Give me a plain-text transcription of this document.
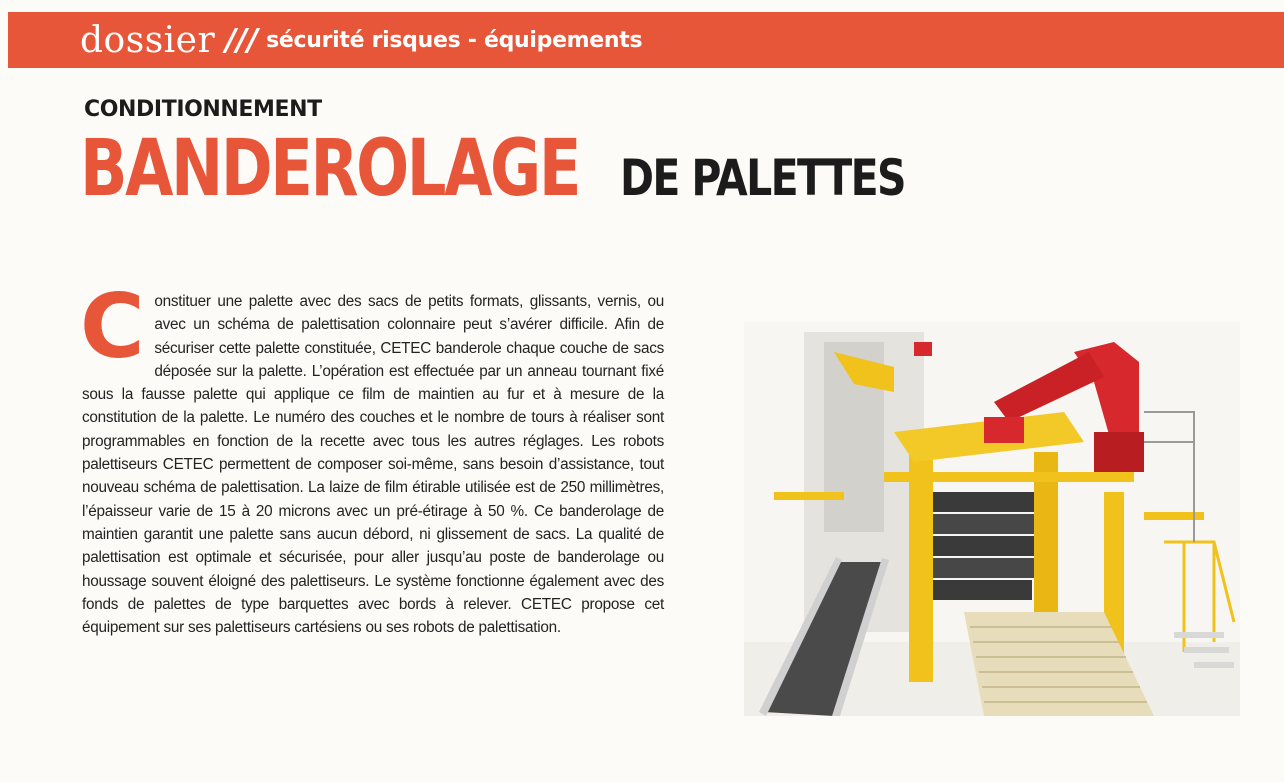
dossier /// sécurité risques - équipements
CONDITIONNEMENT
BANDEROLAGE DE PALETTES
C onstituer une palette avec des sacs de petits formats, glissants, vernis, ou avec un schéma de palettisation colonnaire peut s’avérer difficile. Afin de sécuriser cette palette constituée, CETEC banderole chaque couche de sacs déposée sur la palette. L’opération est effectuée par un anneau tournant fixé sous la fausse palette qui applique ce film de maintien au fur et à mesure de la constitution de la palette. Le numéro des couches et le nombre de tours à réaliser sont programmables en fonction de la recette avec tous les autres réglages. Les robots palettiseurs CETEC permettent de composer soi-même, sans besoin d’assistance, tout nouveau schéma de palettisation. La laize de film étirable utilisée est de 250 millimètres, l’épaisseur varie de 15 à 20 microns avec un pré-étirage à 50 %. Ce banderolage de maintien garantit une palette sans aucun débord, ni glissement de sacs. La qualité de palettisation est optimale et sécurisée, pour aller jusqu’au poste de banderolage ou houssage souvent éloigné des palettiseurs. Le système fonctionne également avec des fonds de palettes de type barquettes avec bords à relever. CETEC propose cet équipement sur ses palettiseurs cartésiens ou ses robots de palettisation.
